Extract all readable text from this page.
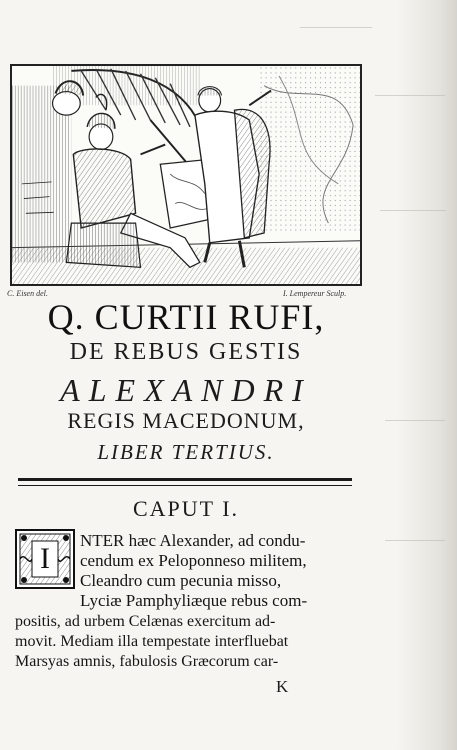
C. Eisen del.	I. Lempereur Sculp.
Q. CURTII RUFI,
DE REBUS GESTIS
ALEXANDRI
REGIS MACEDONUM,
LIBER TERTIUS.
CAPUT I.
I
NTER hæc Alexander, ad condu-
cendum ex Peloponneso militem,
Cleandro cum pecunia misso,
Lyciæ Pamphyliæque rebus com-
positis, ad urbem Celænas exercitum ad-
movit. Mediam illa tempestate interfluebat
Marsyas amnis, fabulosis Græcorum car-
K
